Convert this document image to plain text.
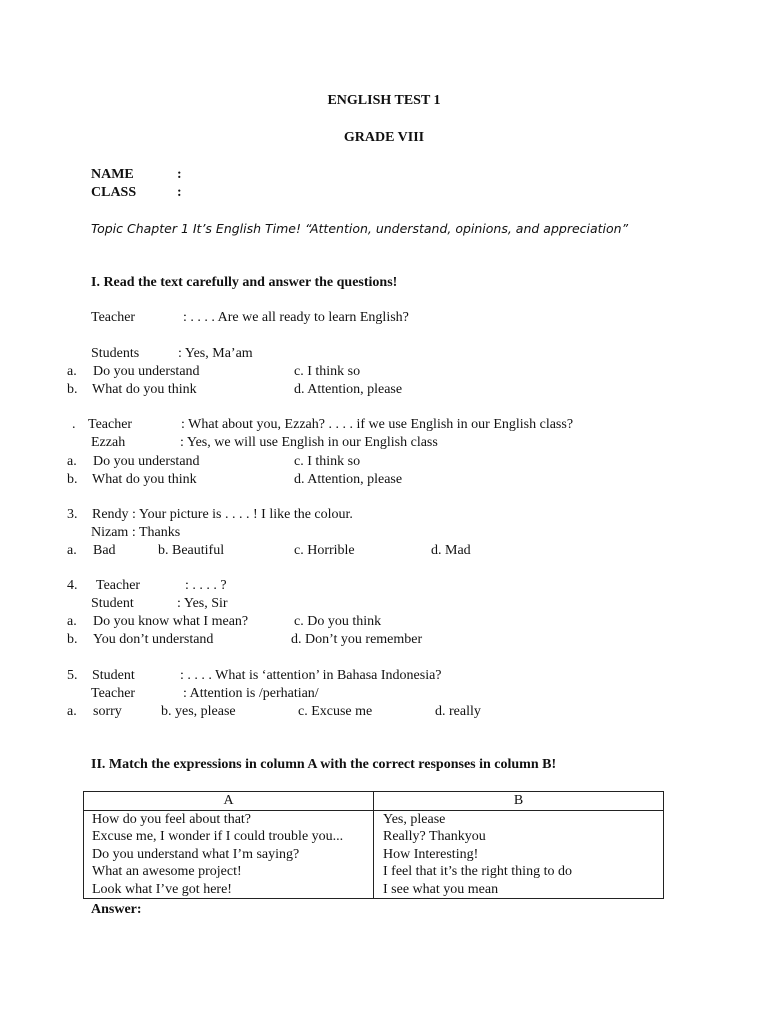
ENGLISH TEST 1
GRADE VIII
NAME	:
CLASS	:
Topic Chapter 1 It’s English Time! “Attention, understand, opinions, and appreciation”
I. Read the text carefully and answer the questions!
Teacher	: . . . . Are we all ready to learn English?
Students	: Yes, Ma’am
a. Do you understand	c. I think so
b. What do you think	d. Attention, please
. Teacher	: What about you, Ezzah? . . . . if we use English in our English class?
Ezzah	: Yes, we will use English in our English class
a. Do you understand	c. I think so
b. What do you think	d. Attention, please
3. Rendy : Your picture is . . . . ! I like the colour.
Nizam : Thanks
a. Bad	b. Beautiful	c. Horrible	d. Mad
4. Teacher	: . . . . ?
Student	: Yes, Sir
a. Do you know what I mean?	c. Do you think
b. You don’t understand	d. Don’t you remember
5. Student	: . . . . What is ‘attention’ in Bahasa Indonesia?
Teacher	: Attention is /perhatian/
a. sorry	b. yes, please	c. Excuse me	d. really
II. Match the expressions in column A with the correct responses in column B!
A	B
How do you feel about that?	Yes, please
Excuse me, I wonder if I could trouble you...	Really? Thankyou
Do you understand what I’m saying?	How Interesting!
What an awesome project!	I feel that it’s the right thing to do
Look what I’ve got here!	I see what you mean
Answer:
